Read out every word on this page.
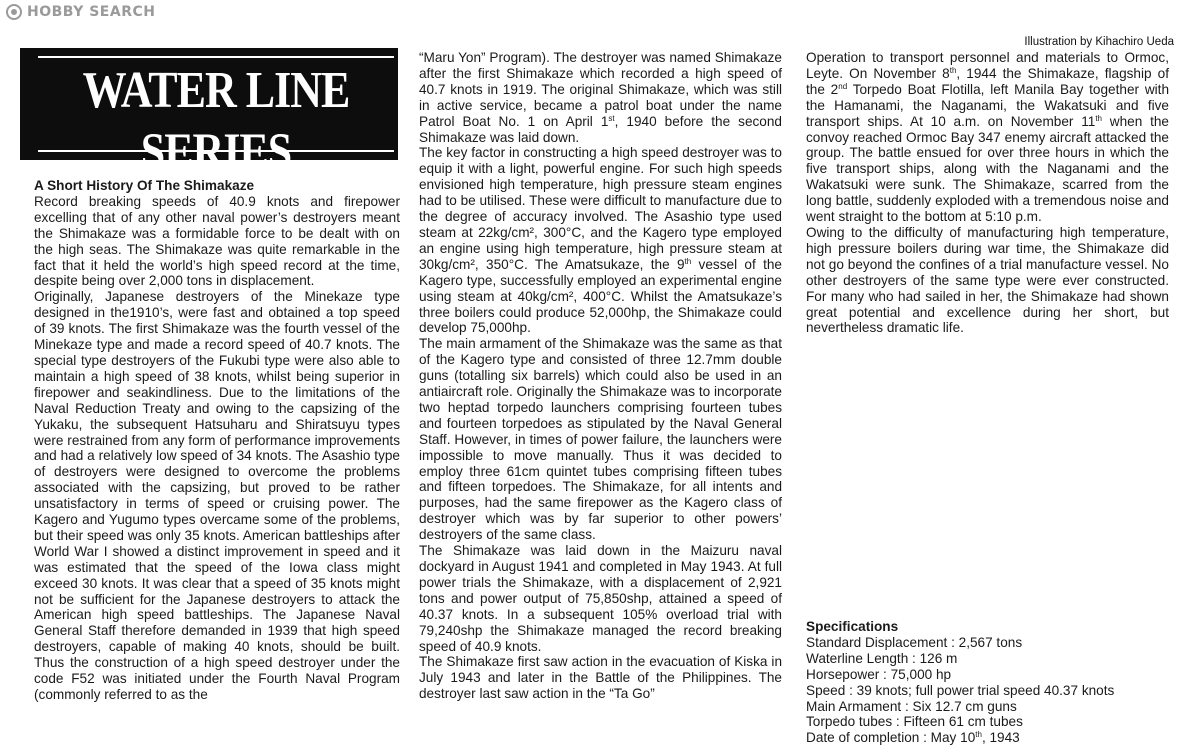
HOBBY SEARCH
Illustration by Kihachiro Ueda
WATER LINE SERIES

A Short History Of The Shimakaze

Record breaking speeds of 40.9 knots and firepower excelling that of any other naval power’s destroyers meant the Shimakaze was a formidable force to be dealt with on the high seas. The Shimakaze was quite remarkable in the fact that it held the world’s high speed record at the time, despite being over 2,000 tons in displacement.

Originally, Japanese destroyers of the Minekaze type designed in the1910’s, were fast and obtained a top speed of 39 knots. The first Shimakaze was the fourth vessel of the Minekaze type and made a record speed of 40.7 knots. The special type destroyers of the Fukubi type were also able to maintain a high speed of 38 knots, whilst being superior in firepower and seakindliness. Due to the limitations of the Naval Reduction Treaty and owing to the capsizing of the Yukaku, the subsequent Hatsuharu and Shiratsuyu types were restrained from any form of performance improvements and had a relatively low speed of 34 knots. The Asashio type of destroyers were designed to overcome the problems associated with the capsizing, but proved to be rather unsatisfactory in terms of speed or cruising power. The Kagero and Yugumo types overcame some of the problems, but their speed was only 35 knots. American battleships after World War I showed a distinct improvement in speed and it was estimated that the speed of the Iowa class might exceed 30 knots. It was clear that a speed of 35 knots might not be sufficient for the Japanese destroyers to attack the American high speed battleships. The Japanese Naval General Staff therefore demanded in 1939 that high speed destroyers, capable of making 40 knots, should be built. Thus the construction of a high speed destroyer under the code F52 was initiated under the Fourth Naval Program (commonly referred to as the

“Maru Yon” Program). The destroyer was named Shimakaze after the first Shimakaze which recorded a high speed of 40.7 knots in 1919. The original Shimakaze, which was still in active service, became a patrol boat under the name Patrol Boat No. 1 on April 1st, 1940 before the second Shimakaze was laid down.

The key factor in constructing a high speed destroyer was to equip it with a light, powerful engine. For such high speeds envisioned high temperature, high pressure steam engines had to be utilised. These were difficult to manufacture due to the degree of accuracy involved. The Asashio type used steam at 22kg/cm², 300°C, and the Kagero type employed an engine using high temperature, high pressure steam at 30kg/cm², 350°C. The Amatsukaze, the 9th vessel of the Kagero type, successfully employed an experimental engine using steam at 40kg/cm², 400°C. Whilst the Amatsukaze’s three boilers could produce 52,000hp, the Shimakaze could develop 75,000hp.

The main armament of the Shimakaze was the same as that of the Kagero type and consisted of three 12.7mm double guns (totalling six barrels) which could also be used in an antiaircraft role. Originally the Shimakaze was to incorporate two heptad torpedo launchers comprising fourteen tubes and fourteen torpedoes as stipulated by the Naval General Staff. However, in times of power failure, the launchers were impossible to move manually. Thus it was decided to employ three 61cm quintet tubes comprising fifteen tubes and fifteen torpedoes. The Shimakaze, for all intents and purposes, had the same firepower as the Kagero class of destroyer which was by far superior to other powers’ destroyers of the same class.

The Shimakaze was laid down in the Maizuru naval dockyard in August 1941 and completed in May 1943. At full power trials the Shimakaze, with a displacement of 2,921 tons and power output of 75,850shp, attained a speed of 40.37 knots. In a subsequent 105% overload trial with 79,240shp the Shimakaze managed the record breaking speed of 40.9 knots.

The Shimakaze first saw action in the evacuation of Kiska in July 1943 and later in the Battle of the Philippines. The destroyer last saw action in the “Ta Go”

Operation to transport personnel and materials to Ormoc, Leyte. On November 8th, 1944 the Shimakaze, flagship of the 2nd Torpedo Boat Flotilla, left Manila Bay together with the Hamanami, the Naganami, the Wakatsuki and five transport ships. At 10 a.m. on November 11th when the convoy reached Ormoc Bay 347 enemy aircraft attacked the group. The battle ensued for over three hours in which the five transport ships, along with the Naganami and the Wakatsuki were sunk. The Shimakaze, scarred from the long battle, suddenly exploded with a tremendous noise and went straight to the bottom at 5:10 p.m.

Owing to the difficulty of manufacturing high temperature, high pressure boilers during war time, the Shimakaze did not go beyond the confines of a trial manufacture vessel. No other destroyers of the same type were ever constructed. For many who had sailed in her, the Shimakaze had shown great potential and excellence during her short, but nevertheless dramatic life.

Specifications
Standard Displacement : 2,567 tons
Waterline Length : 126 m
Horsepower : 75,000 hp
Speed : 39 knots; full power trial speed 40.37 knots
Main Armament : Six 12.7 cm guns
Torpedo tubes : Fifteen 61 cm tubes
Date of completion : May 10th, 1943
